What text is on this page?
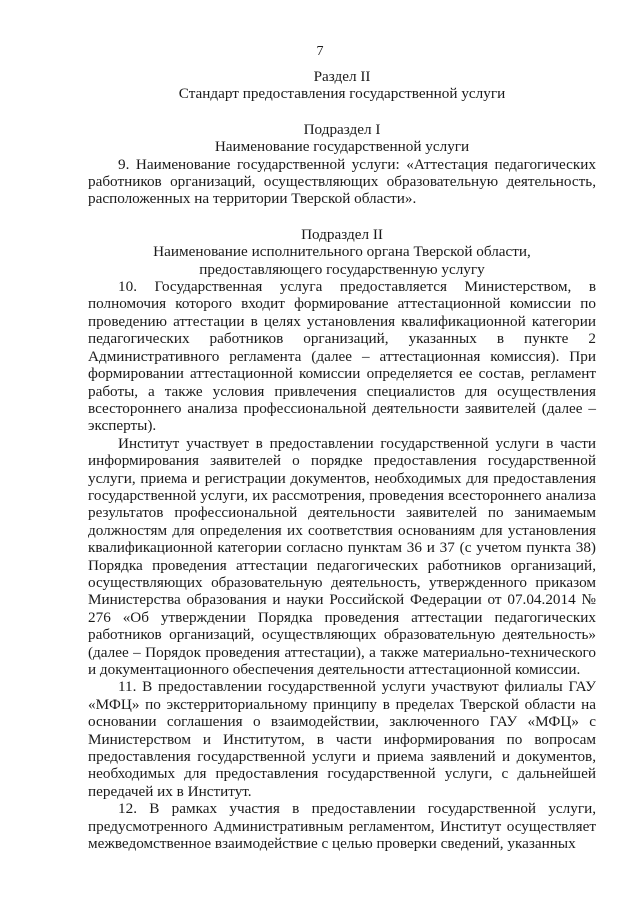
7

Раздел II

Стандарт предоставления государственной услуги

Подраздел I

Наименование государственной услуги

9. Наименование государственной услуги: «Аттестация педагогических работников организаций, осуществляющих образовательную деятельность, расположенных на территории Тверской области».

Подраздел II

Наименование исполнительного органа Тверской области,

предоставляющего государственную услугу

10. Государственная услуга предоставляется Министерством, в полномочия которого входит формирование аттестационной комиссии по проведению аттестации в целях установления квалификационной категории педагогических работников организаций, указанных в пункте 2 Административного регламента (далее – аттестационная комиссия). При формировании аттестационной комиссии определяется ее состав, регламент работы, а также условия привлечения специалистов для осуществления всестороннего анализа профессиональной деятельности заявителей (далее – эксперты).

Институт участвует в предоставлении государственной услуги в части информирования заявителей о порядке предоставления государственной услуги, приема и регистрации документов, необходимых для предоставления государственной услуги, их рассмотрения, проведения всестороннего анализа результатов профессиональной деятельности заявителей по занимаемым должностям для определения их соответствия основаниям для установления квалификационной категории согласно пунктам 36 и 37 (с учетом пункта 38) Порядка проведения аттестации педагогических работников организаций, осуществляющих образовательную деятельность, утвержденного приказом Министерства образования и науки Российской Федерации от 07.04.2014 № 276 «Об утверждении Порядка проведения аттестации педагогических работников организаций, осуществляющих образовательную деятельность» (далее – Порядок проведения аттестации), а также материально-технического и документационного обеспечения деятельности аттестационной комиссии.

11. В предоставлении государственной услуги участвуют филиалы ГАУ «МФЦ» по экстерриториальному принципу в пределах Тверской области на основании соглашения о взаимодействии, заключенного ГАУ «МФЦ» с Министерством и Институтом, в части информирования по вопросам предоставления государственной услуги и приема заявлений и документов, необходимых для предоставления государственной услуги, с дальнейшей передачей их в Институт.

12. В рамках участия в предоставлении государственной услуги, предусмотренного Административным регламентом, Институт осуществляет межведомственное взаимодействие с целью проверки сведений, указанных
